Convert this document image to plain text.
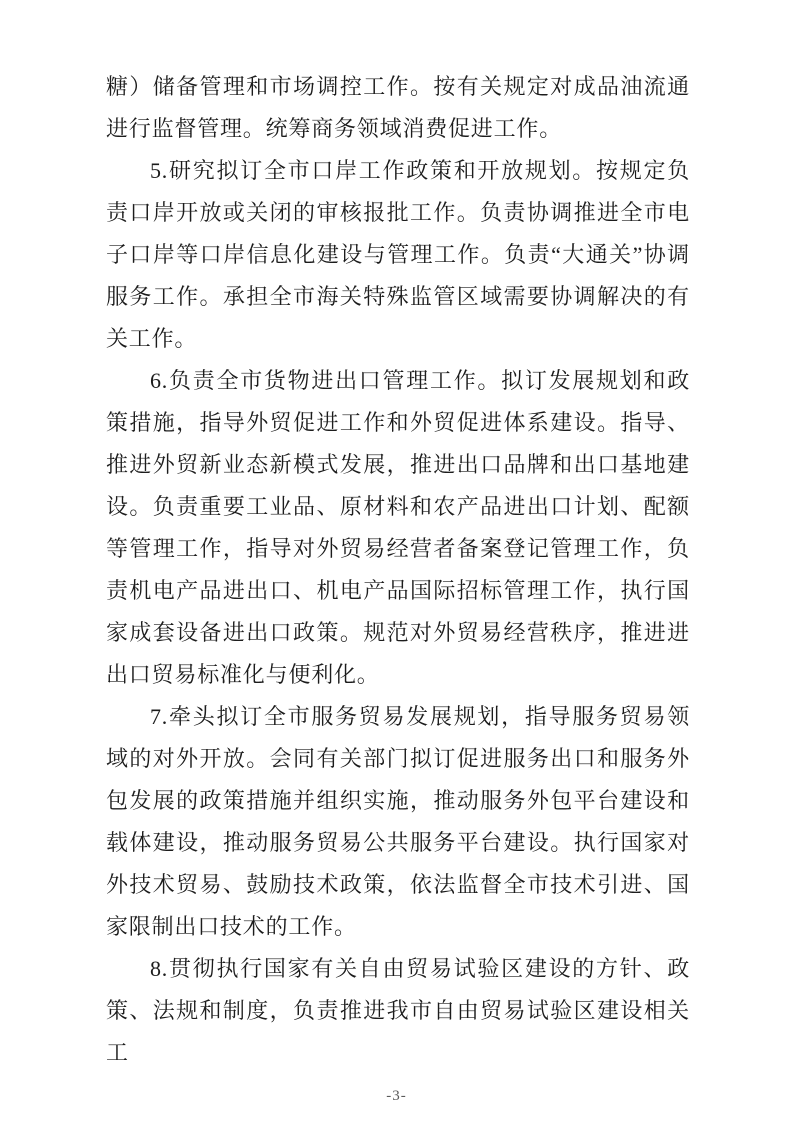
糖）储备管理和市场调控工作。按有关规定对成品油流通进行监督管理。统筹商务领域消费促进工作。

5.研究拟订全市口岸工作政策和开放规划。按规定负责口岸开放或关闭的审核报批工作。负责协调推进全市电子口岸等口岸信息化建设与管理工作。负责“大通关”协调服务工作。承担全市海关特殊监管区域需要协调解决的有关工作。

6.负责全市货物进出口管理工作。拟订发展规划和政策措施，指导外贸促进工作和外贸促进体系建设。指导、推进外贸新业态新模式发展，推进出口品牌和出口基地建设。负责重要工业品、原材料和农产品进出口计划、配额等管理工作，指导对外贸易经营者备案登记管理工作，负责机电产品进出口、机电产品国际招标管理工作，执行国家成套设备进出口政策。规范对外贸易经营秩序，推进进出口贸易标准化与便利化。

7.牵头拟订全市服务贸易发展规划，指导服务贸易领域的对外开放。会同有关部门拟订促进服务出口和服务外包发展的政策措施并组织实施，推动服务外包平台建设和载体建设，推动服务贸易公共服务平台建设。执行国家对外技术贸易、鼓励技术政策，依法监督全市技术引进、国家限制出口技术的工作。

8.贯彻执行国家有关自由贸易试验区建设的方针、政策、法规和制度，负责推进我市自由贸易试验区建设相关工

-3-
